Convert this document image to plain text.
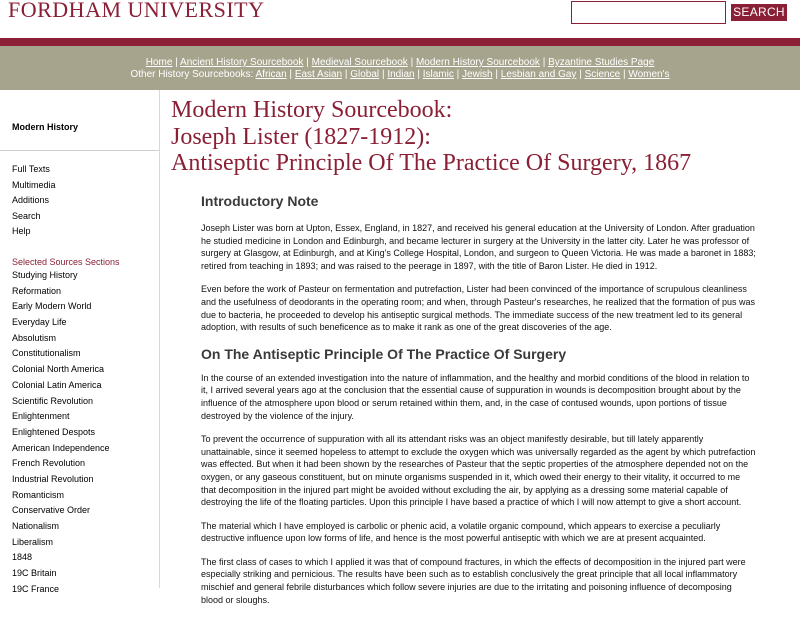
FORDHAM UNIVERSITY	SEARCH
Home | Ancient History Sourcebook | Medieval Sourcebook | Modern History Sourcebook | Byzantine Studies Page
Other History Sourcebooks: African | East Asian | Global | Indian | Islamic | Jewish | Lesbian and Gay | Science | Women's
Modern History
Full Texts
Multimedia
Additions
Search
Help
Selected Sources Sections
Studying History
Reformation
Early Modern World
Everyday Life
Absolutism
Constitutionalism
Colonial North America
Colonial Latin America
Scientific Revolution
Enlightenment
Enlightened Despots
American Independence
French Revolution
Industrial Revolution
Romanticism
Conservative Order
Nationalism
Liberalism
1848
19C Britain
19C France
Modern History Sourcebook:
Joseph Lister (1827-1912):
Antiseptic Principle Of The Practice Of Surgery, 1867
Introductory Note

Joseph Lister was born at Upton, Essex, England, in 1827, and received his general education at the University of London. After graduation he studied medicine in London and Edinburgh, and became lecturer in surgery at the University in the latter city. Later he was professor of surgery at Glasgow, at Edinburgh, and at King's College Hospital, London, and surgeon to Queen Victoria. He was made a baronet in 1883; retired from teaching in 1893; and was raised to the peerage in 1897, with the title of Baron Lister. He died in 1912.

Even before the work of Pasteur on fermentation and putrefaction, Lister had been convinced of the importance of scrupulous cleanliness and the usefulness of deodorants in the operating room; and when, through Pasteur's researches, he realized that the formation of pus was due to bacteria, he proceeded to develop his antiseptic surgical methods. The immediate success of the new treatment led to its general adoption, with results of such beneficence as to make it rank as one of the great discoveries of the age.

On The Antiseptic Principle Of The Practice Of Surgery

In the course of an extended investigation into the nature of inflammation, and the healthy and morbid conditions of the blood in relation to it, I arrived several years ago at the conclusion that the essential cause of suppuration in wounds is decomposition brought about by the influence of the atmosphere upon blood or serum retained within them, and, in the case of contused wounds, upon portions of tissue destroyed by the violence of the injury.

To prevent the occurrence of suppuration with all its attendant risks was an object manifestly desirable, but till lately apparently unattainable, since it seemed hopeless to attempt to exclude the oxygen which was universally regarded as the agent by which putrefaction was effected. But when it had been shown by the researches of Pasteur that the septic properties of the atmosphere depended not on the oxygen, or any gaseous constituent, but on minute organisms suspended in it, which owed their energy to their vitality, it occurred to me that decomposition in the injured part might be avoided without excluding the air, by applying as a dressing some material capable of destroying the life of the floating particles. Upon this principle I have based a practice of which I will now attempt to give a short account.

The material which I have employed is carbolic or phenic acid, a volatile organic compound, which appears to exercise a peculiarly destructive influence upon low forms of life, and hence is the most powerful antiseptic with which we are at present acquainted.

The first class of cases to which I applied it was that of compound fractures, in which the effects of decomposition in the injured part were especially striking and pernicious. The results have been such as to establish conclusively the great principle that all local inflammatory mischief and general febrile disturbances which follow severe injuries are due to the irritating and poisoning influence of decomposing blood or sloughs.
